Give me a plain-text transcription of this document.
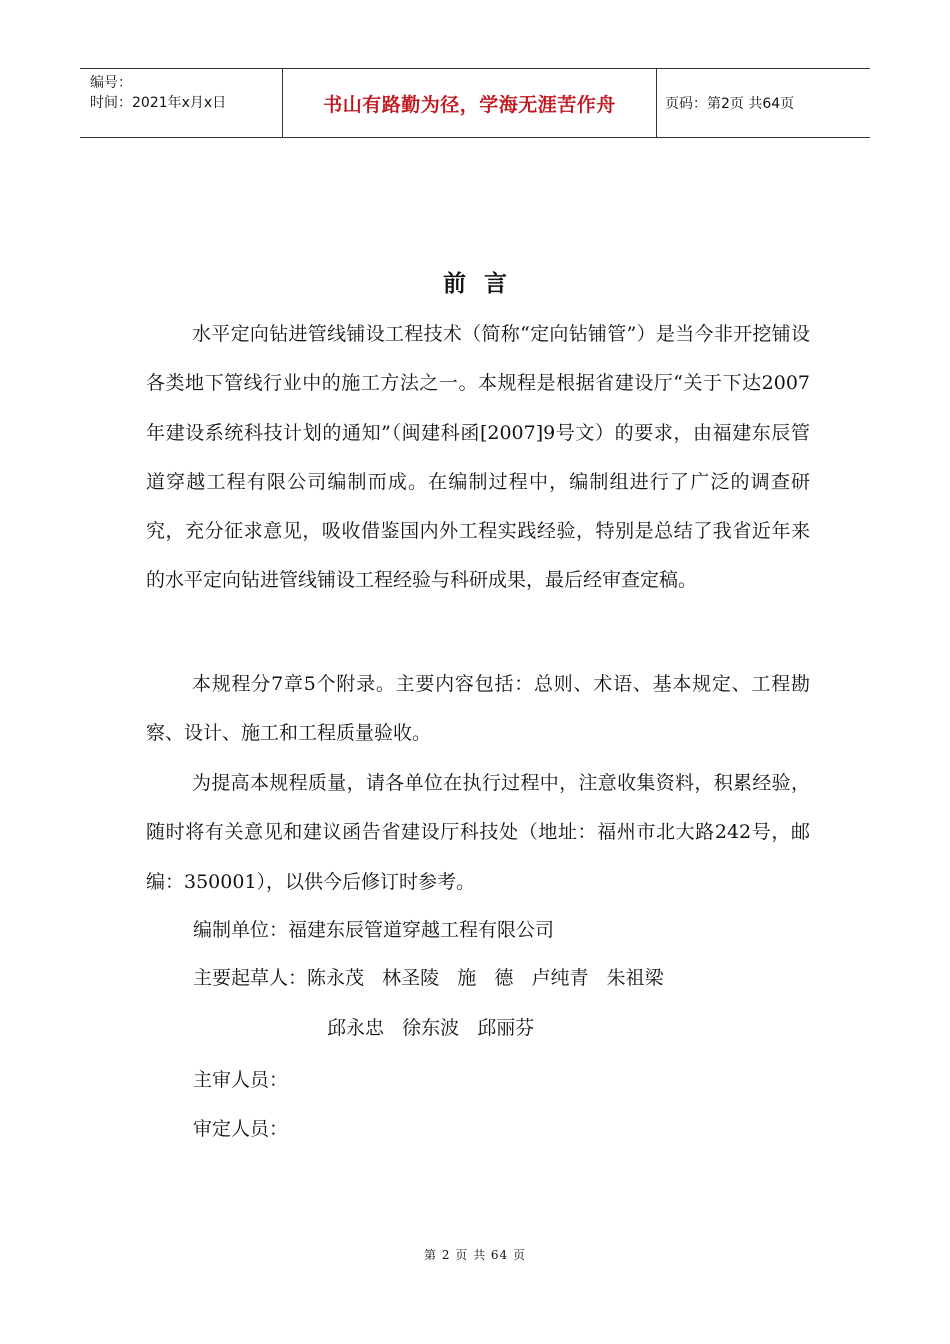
编号：
时间：2021年x月x日	书山有路勤为径，学海无涯苦作舟	页码：第2页 共64页
前言

水平定向钻进管线铺设工程技术（简称“定向钻铺管”）是当今非开挖铺设各类地下管线行业中的施工方法之一。本规程是根据省建设厅“关于下达2007年建设系统科技计划的通知”（闽建科函[2007]9号文）的要求，由福建东辰管道穿越工程有限公司编制而成。在编制过程中，编制组进行了广泛的调查研究，充分征求意见，吸收借鉴国内外工程实践经验，特别是总结了我省近年来的水平定向钻进管线铺设工程经验与科研成果，最后经审查定稿。

本规程分7章5个附录。主要内容包括：总则、术语、基本规定、工程勘察、设计、施工和工程质量验收。

为提高本规程质量，请各单位在执行过程中，注意收集资料，积累经验，随时将有关意见和建议函告省建设厅科技处（地址：福州市北大路242号，邮编：350001），以供今后修订时参考。

编制单位：福建东辰管道穿越工程有限公司
主要起草人：陈永茂   林圣陵   施   德   卢纯青   朱祖梁
邱永忠   徐东波   邱丽芬
主审人员：
审定人员：
第 2 页 共 64 页
